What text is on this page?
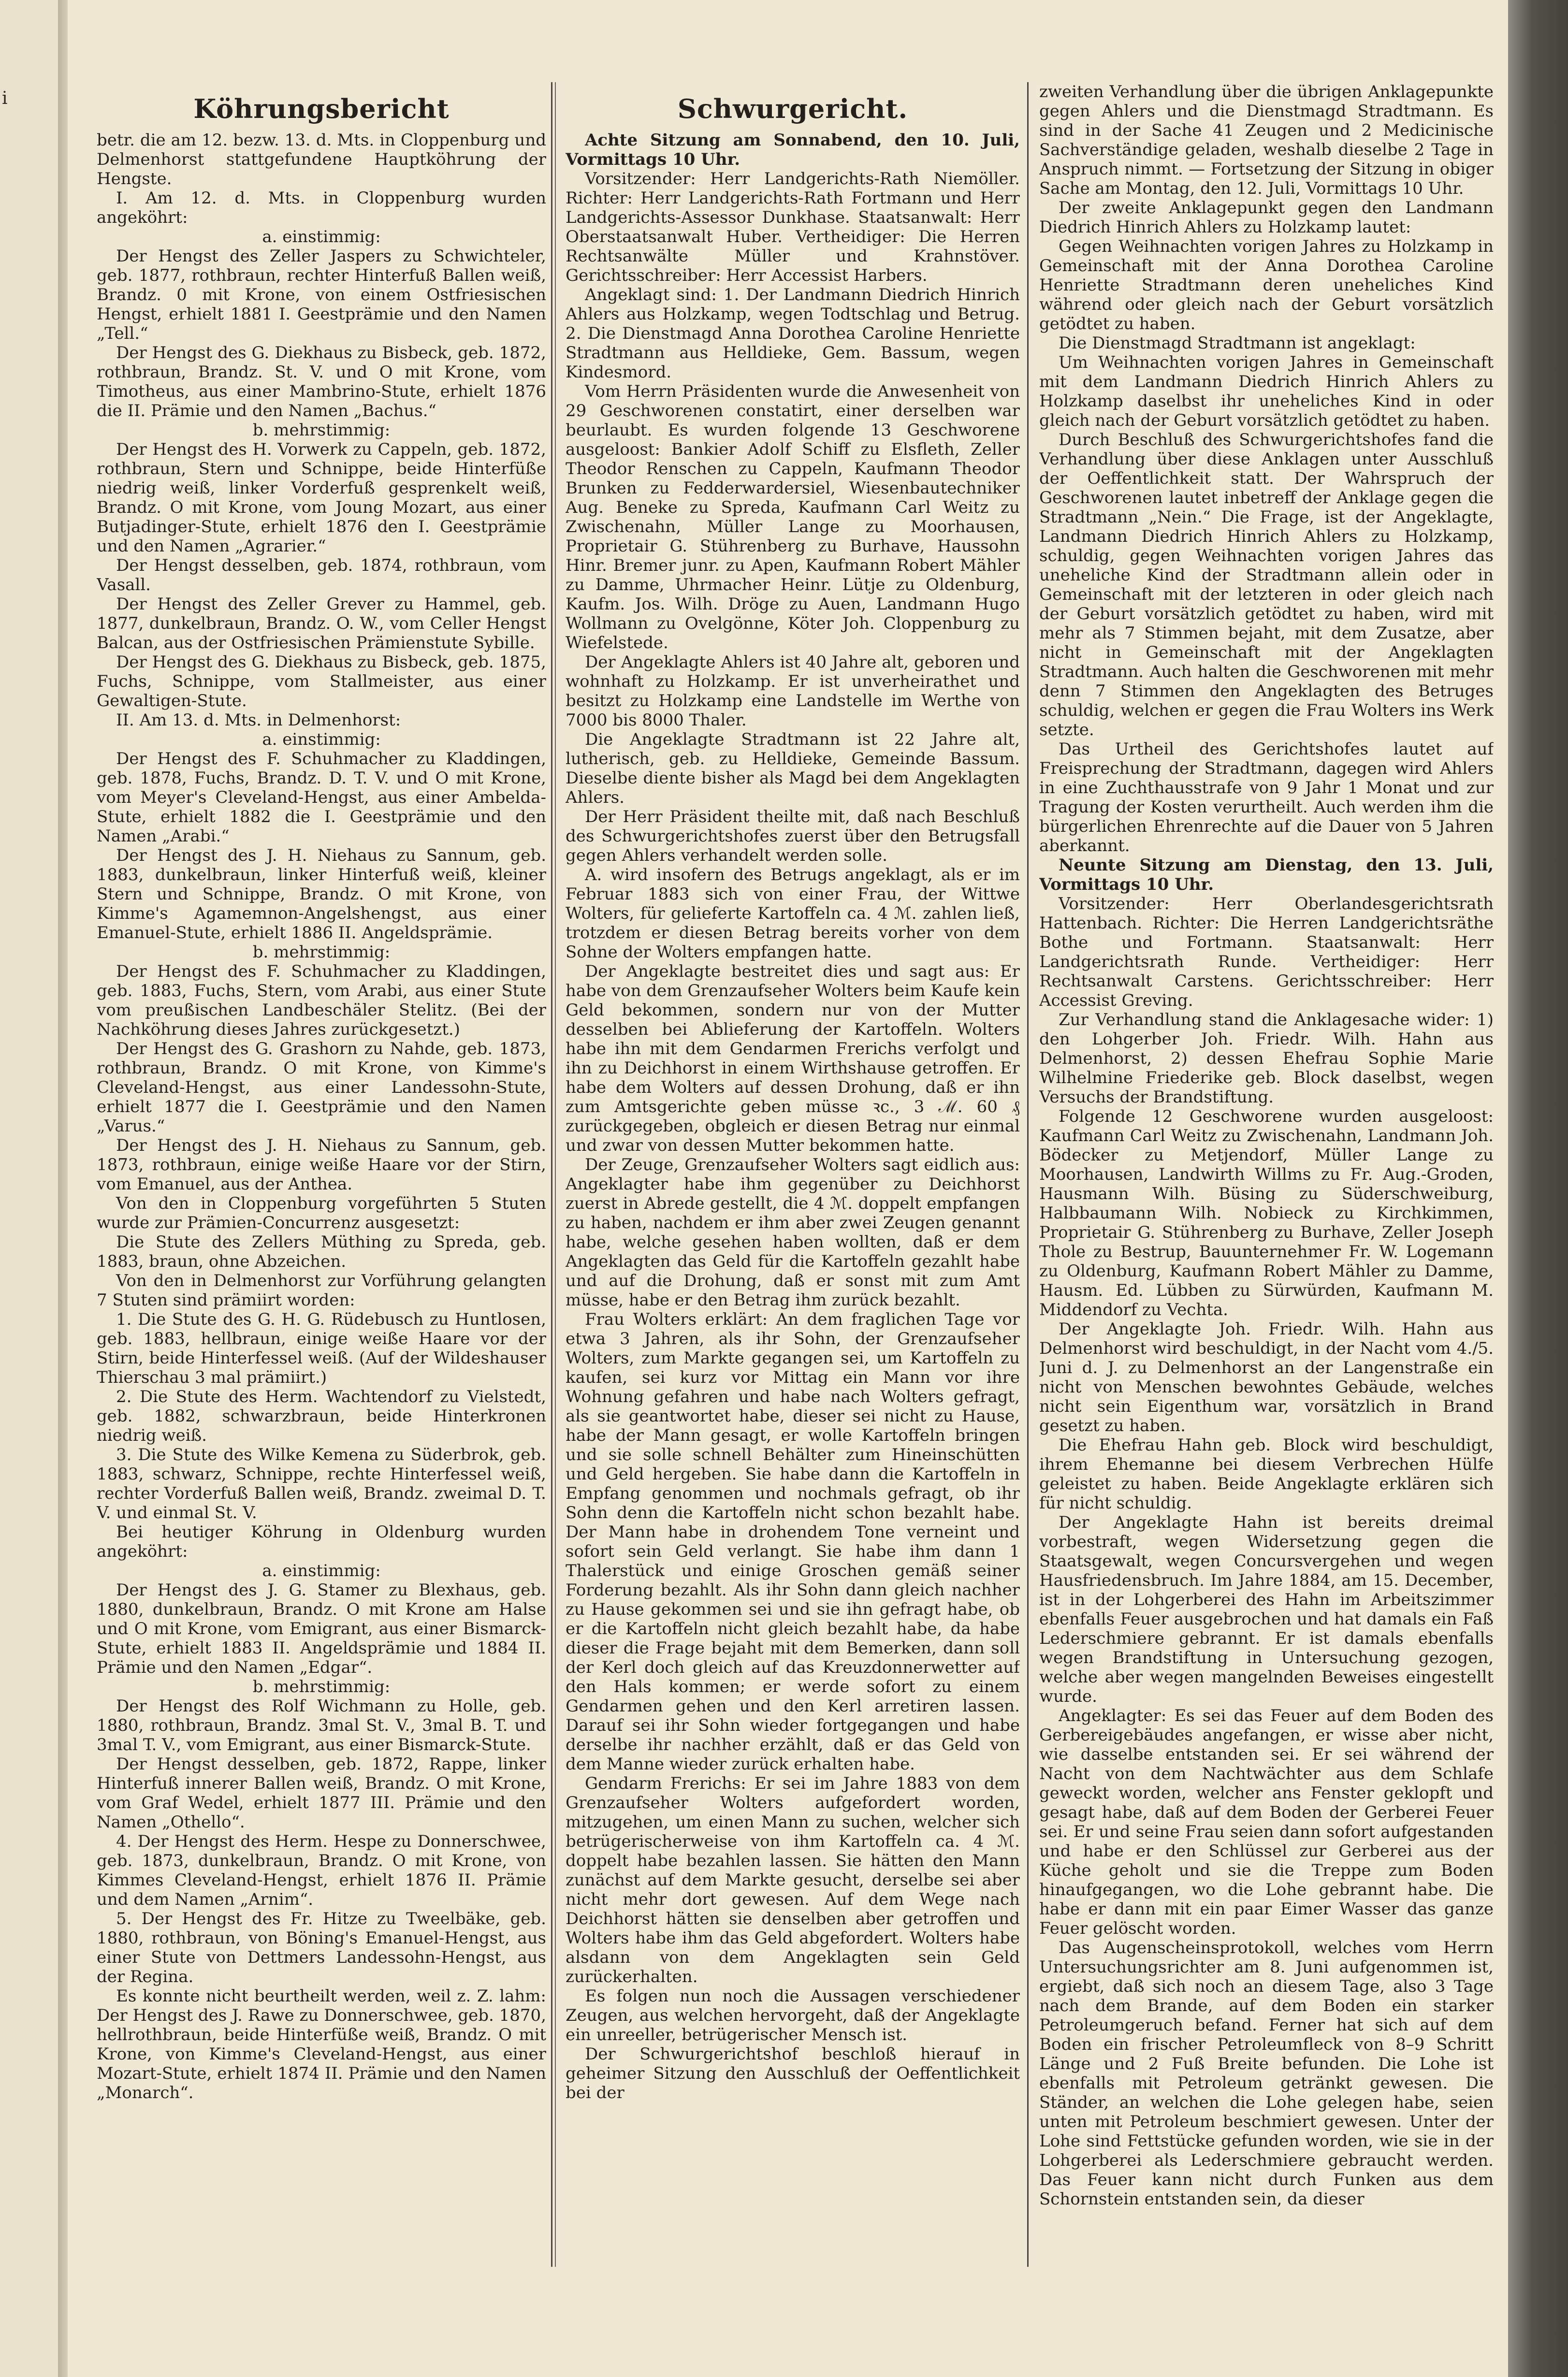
i	Köhrungsbericht

betr. die am 12. bezw. 13. d. Mts. in Cloppenburg und Delmenhorst stattgefundene Hauptköhrung der Hengste.

I. Am 12. d. Mts. in Cloppenburg wurden angeköhrt:

a. einstimmig:

Der Hengst des Zeller Jaspers zu Schwichteler, geb. 1877, rothbraun, rechter Hinterfuß Ballen weiß, Brandz. 0 mit Krone, von einem Ostfriesischen Hengst, erhielt 1881 I. Geestprämie und den Namen „Tell.“

Der Hengst des G. Diekhaus zu Bisbeck, geb. 1872, rothbraun, Brandz. St. V. und O mit Krone, vom Timotheus, aus einer Mambrino-Stute, erhielt 1876 die II. Prämie und den Namen „Bachus.“

b. mehrstimmig:

Der Hengst des H. Vorwerk zu Cappeln, geb. 1872, rothbraun, Stern und Schnippe, beide Hinterfüße niedrig weiß, linker Vorderfuß gesprenkelt weiß, Brandz. O mit Krone, vom Joung Mozart, aus einer Butjadinger-Stute, erhielt 1876 den I. Geestprämie und den Namen „Agrarier.“

Der Hengst desselben, geb. 1874, rothbraun, vom Vasall.

Der Hengst des Zeller Grever zu Hammel, geb. 1877, dunkelbraun, Brandz. O. W., vom Celler Hengst Balcan, aus der Ostfriesischen Prämienstute Sybille.

Der Hengst des G. Diekhaus zu Bisbeck, geb. 1875, Fuchs, Schnippe, vom Stallmeister, aus einer Gewaltigen-Stute.

II. Am 13. d. Mts. in Delmenhorst:

a. einstimmig:

Der Hengst des F. Schuhmacher zu Kladdingen, geb. 1878, Fuchs, Brandz. D. T. V. und O mit Krone, vom Meyer's Cleveland-Hengst, aus einer Ambelda-Stute, erhielt 1882 die I. Geestprämie und den Namen „Arabi.“

Der Hengst des J. H. Niehaus zu Sannum, geb. 1883, dunkelbraun, linker Hinterfuß weiß, kleiner Stern und Schnippe, Brandz. O mit Krone, von Kimme's Agamemnon-Angelshengst, aus einer Emanuel-Stute, erhielt 1886 II. Angeldsprämie.

b. mehrstimmig:

Der Hengst des F. Schuhmacher zu Kladdingen, geb. 1883, Fuchs, Stern, vom Arabi, aus einer Stute vom preußischen Landbeschäler Stelitz. (Bei der Nachköhrung dieses Jahres zurückgesetzt.)

Der Hengst des G. Grashorn zu Nahde, geb. 1873, rothbraun, Brandz. O mit Krone, von Kimme's Cleveland-Hengst, aus einer Landessohn-Stute, erhielt 1877 die I. Geestprämie und den Namen „Varus.“

Der Hengst des J. H. Niehaus zu Sannum, geb. 1873, rothbraun, einige weiße Haare vor der Stirn, vom Emanuel, aus der Anthea.

Von den in Cloppenburg vorgeführten 5 Stuten wurde zur Prämien-Concurrenz ausgesetzt:

Die Stute des Zellers Müthing zu Spreda, geb. 1883, braun, ohne Abzeichen.

Von den in Delmenhorst zur Vorführung gelangten 7 Stuten sind prämiirt worden:

1. Die Stute des G. H. G. Rüdebusch zu Huntlosen, geb. 1883, hellbraun, einige weiße Haare vor der Stirn, beide Hinterfessel weiß. (Auf der Wildeshauser Thierschau 3 mal prämiirt.)

2. Die Stute des Herm. Wachtendorf zu Vielstedt, geb. 1882, schwarzbraun, beide Hinterkronen niedrig weiß.

3. Die Stute des Wilke Kemena zu Süderbrok, geb. 1883, schwarz, Schnippe, rechte Hinterfessel weiß, rechter Vorderfuß Ballen weiß, Brandz. zweimal D. T. V. und einmal St. V.

Bei heutiger Köhrung in Oldenburg wurden angeköhrt:

a. einstimmig:

Der Hengst des J. G. Stamer zu Blexhaus, geb. 1880, dunkelbraun, Brandz. O mit Krone am Halse und O mit Krone, vom Emigrant, aus einer Bismarck-Stute, erhielt 1883 II. Angeldsprämie und 1884 II. Prämie und den Namen „Edgar“.

b. mehrstimmig:

Der Hengst des Rolf Wichmann zu Holle, geb. 1880, rothbraun, Brandz. 3mal St. V., 3mal B. T. und 3mal T. V., vom Emigrant, aus einer Bismarck-Stute.

Der Hengst desselben, geb. 1872, Rappe, linker Hinterfuß innerer Ballen weiß, Brandz. O mit Krone, vom Graf Wedel, erhielt 1877 III. Prämie und den Namen „Othello“.

4. Der Hengst des Herm. Hespe zu Donnerschwee, geb. 1873, dunkelbraun, Brandz. O mit Krone, von Kimmes Cleveland-Hengst, erhielt 1876 II. Prämie und dem Namen „Arnim“.

5. Der Hengst des Fr. Hitze zu Tweelbäke, geb. 1880, rothbraun, von Böning's Emanuel-Hengst, aus einer Stute von Dettmers Landessohn-Hengst, aus der Regina.

Es konnte nicht beurtheilt werden, weil z. Z. lahm: Der Hengst des J. Rawe zu Donnerschwee, geb. 1870, hellrothbraun, beide Hinterfüße weiß, Brandz. O mit Krone, von Kimme's Cleveland-Hengst, aus einer Mozart-Stute, erhielt 1874 II. Prämie und den Namen „Monarch“.

Schwurgericht.

Achte Sitzung am Sonnabend, den 10. Juli, Vormittags 10 Uhr.

Vorsitzender: Herr Landgerichts-Rath Niemöller. Richter: Herr Landgerichts-Rath Fortmann und Herr Landgerichts-Assessor Dunkhase. Staatsanwalt: Herr Oberstaatsanwalt Huber. Vertheidiger: Die Herren Rechtsanwälte Müller und Krahnstöver. Gerichtsschreiber: Herr Accessist Harbers.

Angeklagt sind: 1. Der Landmann Diedrich Hinrich Ahlers aus Holzkamp, wegen Todtschlag und Betrug. 2. Die Dienstmagd Anna Dorothea Caroline Henriette Stradtmann aus Helldieke, Gem. Bassum, wegen Kindesmord.

Vom Herrn Präsidenten wurde die Anwesenheit von 29 Geschworenen constatirt, einer derselben war beurlaubt. Es wurden folgende 13 Geschworene ausgeloost: Bankier Adolf Schiff zu Elsfleth, Zeller Theodor Renschen zu Cappeln, Kaufmann Theodor Brunken zu Fedderwardersiel, Wiesenbautechniker Aug. Beneke zu Spreda, Kaufmann Carl Weitz zu Zwischenahn, Müller Lange zu Moorhausen, Proprietair G. Stührenberg zu Burhave, Haussohn Hinr. Bremer junr. zu Apen, Kaufmann Robert Mähler zu Damme, Uhrmacher Heinr. Lütje zu Oldenburg, Kaufm. Jos. Wilh. Dröge zu Auen, Landmann Hugo Wollmann zu Ovelgönne, Köter Joh. Cloppenburg zu Wiefelstede.

Der Angeklagte Ahlers ist 40 Jahre alt, geboren und wohnhaft zu Holzkamp. Er ist unverheirathet und besitzt zu Holzkamp eine Landstelle im Werthe von 7000 bis 8000 Thaler.

Die Angeklagte Stradtmann ist 22 Jahre alt, lutherisch, geb. zu Helldieke, Gemeinde Bassum. Dieselbe diente bisher als Magd bei dem Angeklagten Ahlers.

Der Herr Präsident theilte mit, daß nach Beschluß des Schwurgerichtshofes zuerst über den Betrugsfall gegen Ahlers verhandelt werden solle.

A. wird insofern des Betrugs angeklagt, als er im Februar 1883 sich von einer Frau, der Wittwe Wolters, für gelieferte Kartoffeln ca. 4 ℳ. zahlen ließ, trotzdem er diesen Betrag bereits vorher von dem Sohne der Wolters empfangen hatte.

Der Angeklagte bestreitet dies und sagt aus: Er habe von dem Grenzaufseher Wolters beim Kaufe kein Geld bekommen, sondern nur von der Mutter desselben bei Ablieferung der Kartoffeln. Wolters habe ihn mit dem Gendarmen Frerichs verfolgt und ihn zu Deichhorst in einem Wirthshause getroffen. Er habe dem Wolters auf dessen Drohung, daß er ihn zum Amtsgerichte geben müsse ꝛc., 3 ℳ. 60 ₰ zurückgegeben, obgleich er diesen Betrag nur einmal und zwar von dessen Mutter bekommen hatte.

Der Zeuge, Grenzaufseher Wolters sagt eidlich aus: Angeklagter habe ihm gegenüber zu Deichhorst zuerst in Abrede gestellt, die 4 ℳ. doppelt empfangen zu haben, nachdem er ihm aber zwei Zeugen genannt habe, welche gesehen haben wollten, daß er dem Angeklagten das Geld für die Kartoffeln gezahlt habe und auf die Drohung, daß er sonst mit zum Amt müsse, habe er den Betrag ihm zurück bezahlt.

Frau Wolters erklärt: An dem fraglichen Tage vor etwa 3 Jahren, als ihr Sohn, der Grenzaufseher Wolters, zum Markte gegangen sei, um Kartoffeln zu kaufen, sei kurz vor Mittag ein Mann vor ihre Wohnung gefahren und habe nach Wolters gefragt, als sie geantwortet habe, dieser sei nicht zu Hause, habe der Mann gesagt, er wolle Kartoffeln bringen und sie solle schnell Behälter zum Hineinschütten und Geld hergeben. Sie habe dann die Kartoffeln in Empfang genommen und nochmals gefragt, ob ihr Sohn denn die Kartoffeln nicht schon bezahlt habe. Der Mann habe in drohendem Tone verneint und sofort sein Geld verlangt. Sie habe ihm dann 1 Thalerstück und einige Groschen gemäß seiner Forderung bezahlt. Als ihr Sohn dann gleich nachher zu Hause gekommen sei und sie ihn gefragt habe, ob er die Kartoffeln nicht gleich bezahlt habe, da habe dieser die Frage bejaht mit dem Bemerken, dann soll der Kerl doch gleich auf das Kreuzdonnerwetter auf den Hals kommen; er werde sofort zu einem Gendarmen gehen und den Kerl arretiren lassen. Darauf sei ihr Sohn wieder fortgegangen und habe derselbe ihr nachher erzählt, daß er das Geld von dem Manne wieder zurück erhalten habe.

Gendarm Frerichs: Er sei im Jahre 1883 von dem Grenzaufseher Wolters aufgefordert worden, mitzugehen, um einen Mann zu suchen, welcher sich betrügerischerweise von ihm Kartoffeln ca. 4 ℳ. doppelt habe bezahlen lassen. Sie hätten den Mann zunächst auf dem Markte gesucht, derselbe sei aber nicht mehr dort gewesen. Auf dem Wege nach Deichhorst hätten sie denselben aber getroffen und Wolters habe ihm das Geld abgefordert. Wolters habe alsdann von dem Angeklagten sein Geld zurückerhalten.

Es folgen nun noch die Aussagen verschiedener Zeugen, aus welchen hervorgeht, daß der Angeklagte ein unreeller, betrügerischer Mensch ist.

Der Schwurgerichtshof beschloß hierauf in geheimer Sitzung den Ausschluß der Oeffentlichkeit bei der

zweiten Verhandlung über die übrigen Anklagepunkte gegen Ahlers und die Dienstmagd Stradtmann. Es sind in der Sache 41 Zeugen und 2 Medicinische Sachverständige geladen, weshalb dieselbe 2 Tage in Anspruch nimmt. — Fortsetzung der Sitzung in obiger Sache am Montag, den 12. Juli, Vormittags 10 Uhr.

Der zweite Anklagepunkt gegen den Landmann Diedrich Hinrich Ahlers zu Holzkamp lautet:

Gegen Weihnachten vorigen Jahres zu Holzkamp in Gemeinschaft mit der Anna Dorothea Caroline Henriette Stradtmann deren uneheliches Kind während oder gleich nach der Geburt vorsätzlich getödtet zu haben.

Die Dienstmagd Stradtmann ist angeklagt:

Um Weihnachten vorigen Jahres in Gemeinschaft mit dem Landmann Diedrich Hinrich Ahlers zu Holzkamp daselbst ihr uneheliches Kind in oder gleich nach der Geburt vorsätzlich getödtet zu haben.

Durch Beschluß des Schwurgerichtshofes fand die Verhandlung über diese Anklagen unter Ausschluß der Oeffentlichkeit statt. Der Wahrspruch der Geschworenen lautet inbetreff der Anklage gegen die Stradtmann „Nein.“ Die Frage, ist der Angeklagte, Landmann Diedrich Hinrich Ahlers zu Holzkamp, schuldig, gegen Weihnachten vorigen Jahres das uneheliche Kind der Stradtmann allein oder in Gemeinschaft mit der letzteren in oder gleich nach der Geburt vorsätzlich getödtet zu haben, wird mit mehr als 7 Stimmen bejaht, mit dem Zusatze, aber nicht in Gemeinschaft mit der Angeklagten Stradtmann. Auch halten die Geschworenen mit mehr denn 7 Stimmen den Angeklagten des Betruges schuldig, welchen er gegen die Frau Wolters ins Werk setzte.

Das Urtheil des Gerichtshofes lautet auf Freisprechung der Stradtmann, dagegen wird Ahlers in eine Zuchthausstrafe von 9 Jahr 1 Monat und zur Tragung der Kosten verurtheilt. Auch werden ihm die bürgerlichen Ehrenrechte auf die Dauer von 5 Jahren aberkannt.

Neunte Sitzung am Dienstag, den 13. Juli, Vormittags 10 Uhr.

Vorsitzender: Herr Oberlandesgerichtsrath Hattenbach. Richter: Die Herren Landgerichtsräthe Bothe und Fortmann. Staatsanwalt: Herr Landgerichtsrath Runde. Vertheidiger: Herr Rechtsanwalt Carstens. Gerichtsschreiber: Herr Accessist Greving.

Zur Verhandlung stand die Anklagesache wider: 1) den Lohgerber Joh. Friedr. Wilh. Hahn aus Delmenhorst, 2) dessen Ehefrau Sophie Marie Wilhelmine Friederike geb. Block daselbst, wegen Versuchs der Brandstiftung.

Folgende 12 Geschworene wurden ausgeloost: Kaufmann Carl Weitz zu Zwischenahn, Landmann Joh. Bödecker zu Metjendorf, Müller Lange zu Moorhausen, Landwirth Willms zu Fr. Aug.-Groden, Hausmann Wilh. Büsing zu Süderschweiburg, Halbbaumann Wilh. Nobieck zu Kirchkimmen, Proprietair G. Stührenberg zu Burhave, Zeller Joseph Thole zu Bestrup, Bauunternehmer Fr. W. Logemann zu Oldenburg, Kaufmann Robert Mähler zu Damme, Hausm. Ed. Lübben zu Sürwürden, Kaufmann M. Middendorf zu Vechta.

Der Angeklagte Joh. Friedr. Wilh. Hahn aus Delmenhorst wird beschuldigt, in der Nacht vom 4./5. Juni d. J. zu Delmenhorst an der Langenstraße ein nicht von Menschen bewohntes Gebäude, welches nicht sein Eigenthum war, vorsätzlich in Brand gesetzt zu haben.

Die Ehefrau Hahn geb. Block wird beschuldigt, ihrem Ehemanne bei diesem Verbrechen Hülfe geleistet zu haben. Beide Angeklagte erklären sich für nicht schuldig.

Der Angeklagte Hahn ist bereits dreimal vorbestraft, wegen Widersetzung gegen die Staatsgewalt, wegen Concursvergehen und wegen Hausfriedensbruch. Im Jahre 1884, am 15. December, ist in der Lohgerberei des Hahn im Arbeitszimmer ebenfalls Feuer ausgebrochen und hat damals ein Faß Lederschmiere gebrannt. Er ist damals ebenfalls wegen Brandstiftung in Untersuchung gezogen, welche aber wegen mangelnden Beweises eingestellt wurde.

Angeklagter: Es sei das Feuer auf dem Boden des Gerbereigebäudes angefangen, er wisse aber nicht, wie dasselbe entstanden sei. Er sei während der Nacht von dem Nachtwächter aus dem Schlafe geweckt worden, welcher ans Fenster geklopft und gesagt habe, daß auf dem Boden der Gerberei Feuer sei. Er und seine Frau seien dann sofort aufgestanden und habe er den Schlüssel zur Gerberei aus der Küche geholt und sie die Treppe zum Boden hinaufgegangen, wo die Lohe gebrannt habe. Die habe er dann mit ein paar Eimer Wasser das ganze Feuer gelöscht worden.

Das Augenscheinsprotokoll, welches vom Herrn Untersuchungsrichter am 8. Juni aufgenommen ist, ergiebt, daß sich noch an diesem Tage, also 3 Tage nach dem Brande, auf dem Boden ein starker Petroleumgeruch befand. Ferner hat sich auf dem Boden ein frischer Petroleumfleck von 8–9 Schritt Länge und 2 Fuß Breite befunden. Die Lohe ist ebenfalls mit Petroleum getränkt gewesen. Die Ständer, an welchen die Lohe gelegen habe, seien unten mit Petroleum beschmiert gewesen. Unter der Lohe sind Fettstücke gefunden worden, wie sie in der Lohgerberei als Lederschmiere gebraucht werden. Das Feuer kann nicht durch Funken aus dem Schornstein entstanden sein, da dieser
